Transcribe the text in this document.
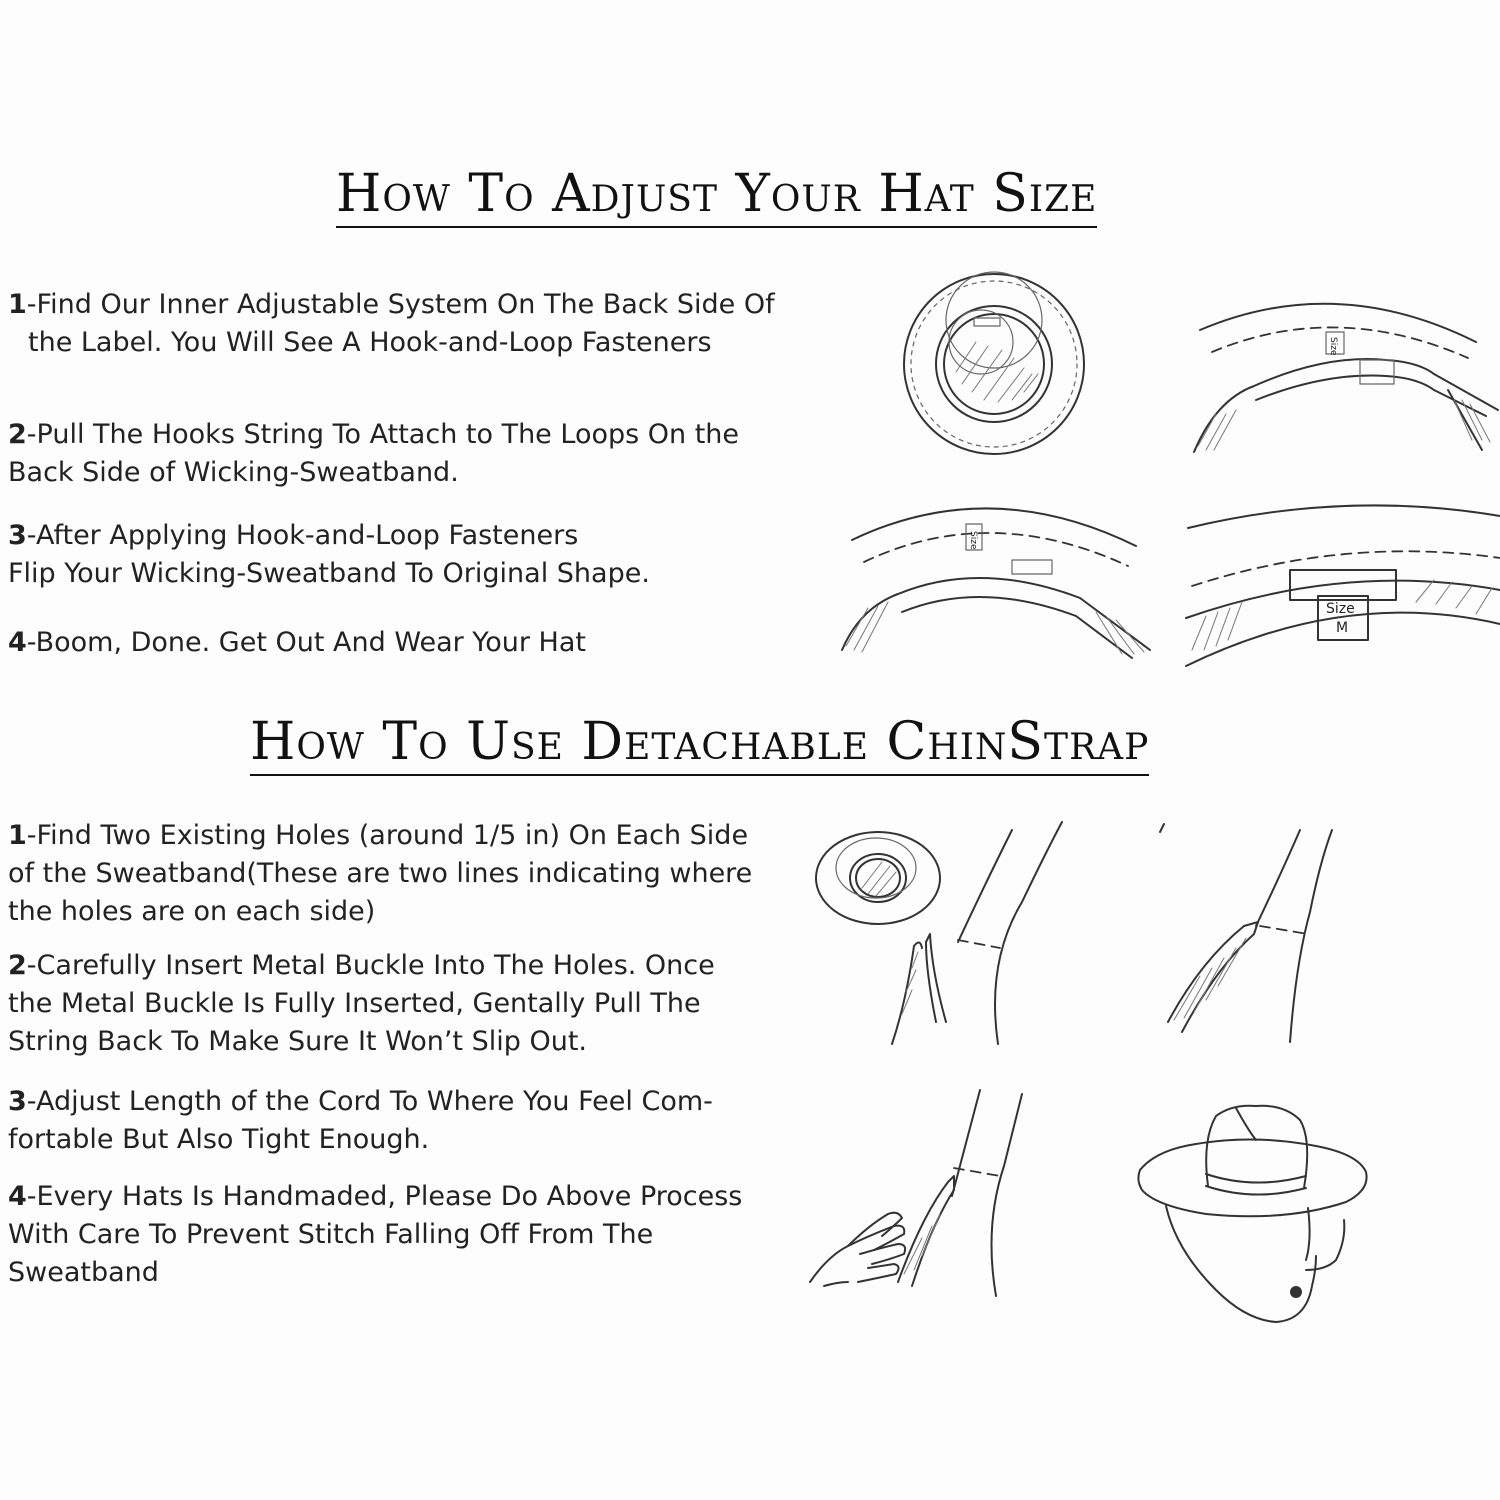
How To Adjust Your Hat Size
1-Find Our Inner Adjustable System On The Back Side Of
the Label. You Will See A Hook-and-Loop Fasteners
2-Pull The Hooks String To Attach to The Loops On the
Back Side of Wicking-Sweatband.
3-After Applying Hook-and-Loop Fasteners
Flip Your Wicking-Sweatband To Original Shape.
4-Boom, Done. Get Out And Wear Your Hat
Size
Size
Size
M
How To Use Detachable ChinStrap
1-Find Two Existing Holes (around 1/5 in) On Each Side
of the Sweatband(These are two lines indicating where
the holes are on each side)
2-Carefully Insert Metal Buckle Into The Holes. Once
the Metal Buckle Is Fully Inserted, Gentally Pull The
String Back To Make Sure It Won’t Slip Out.
3-Adjust Length of the Cord To Where You Feel Com-
fortable But Also Tight Enough.
4-Every Hats Is Handmaded, Please Do Above Process
With Care To Prevent Stitch Falling Off From The
Sweatband
